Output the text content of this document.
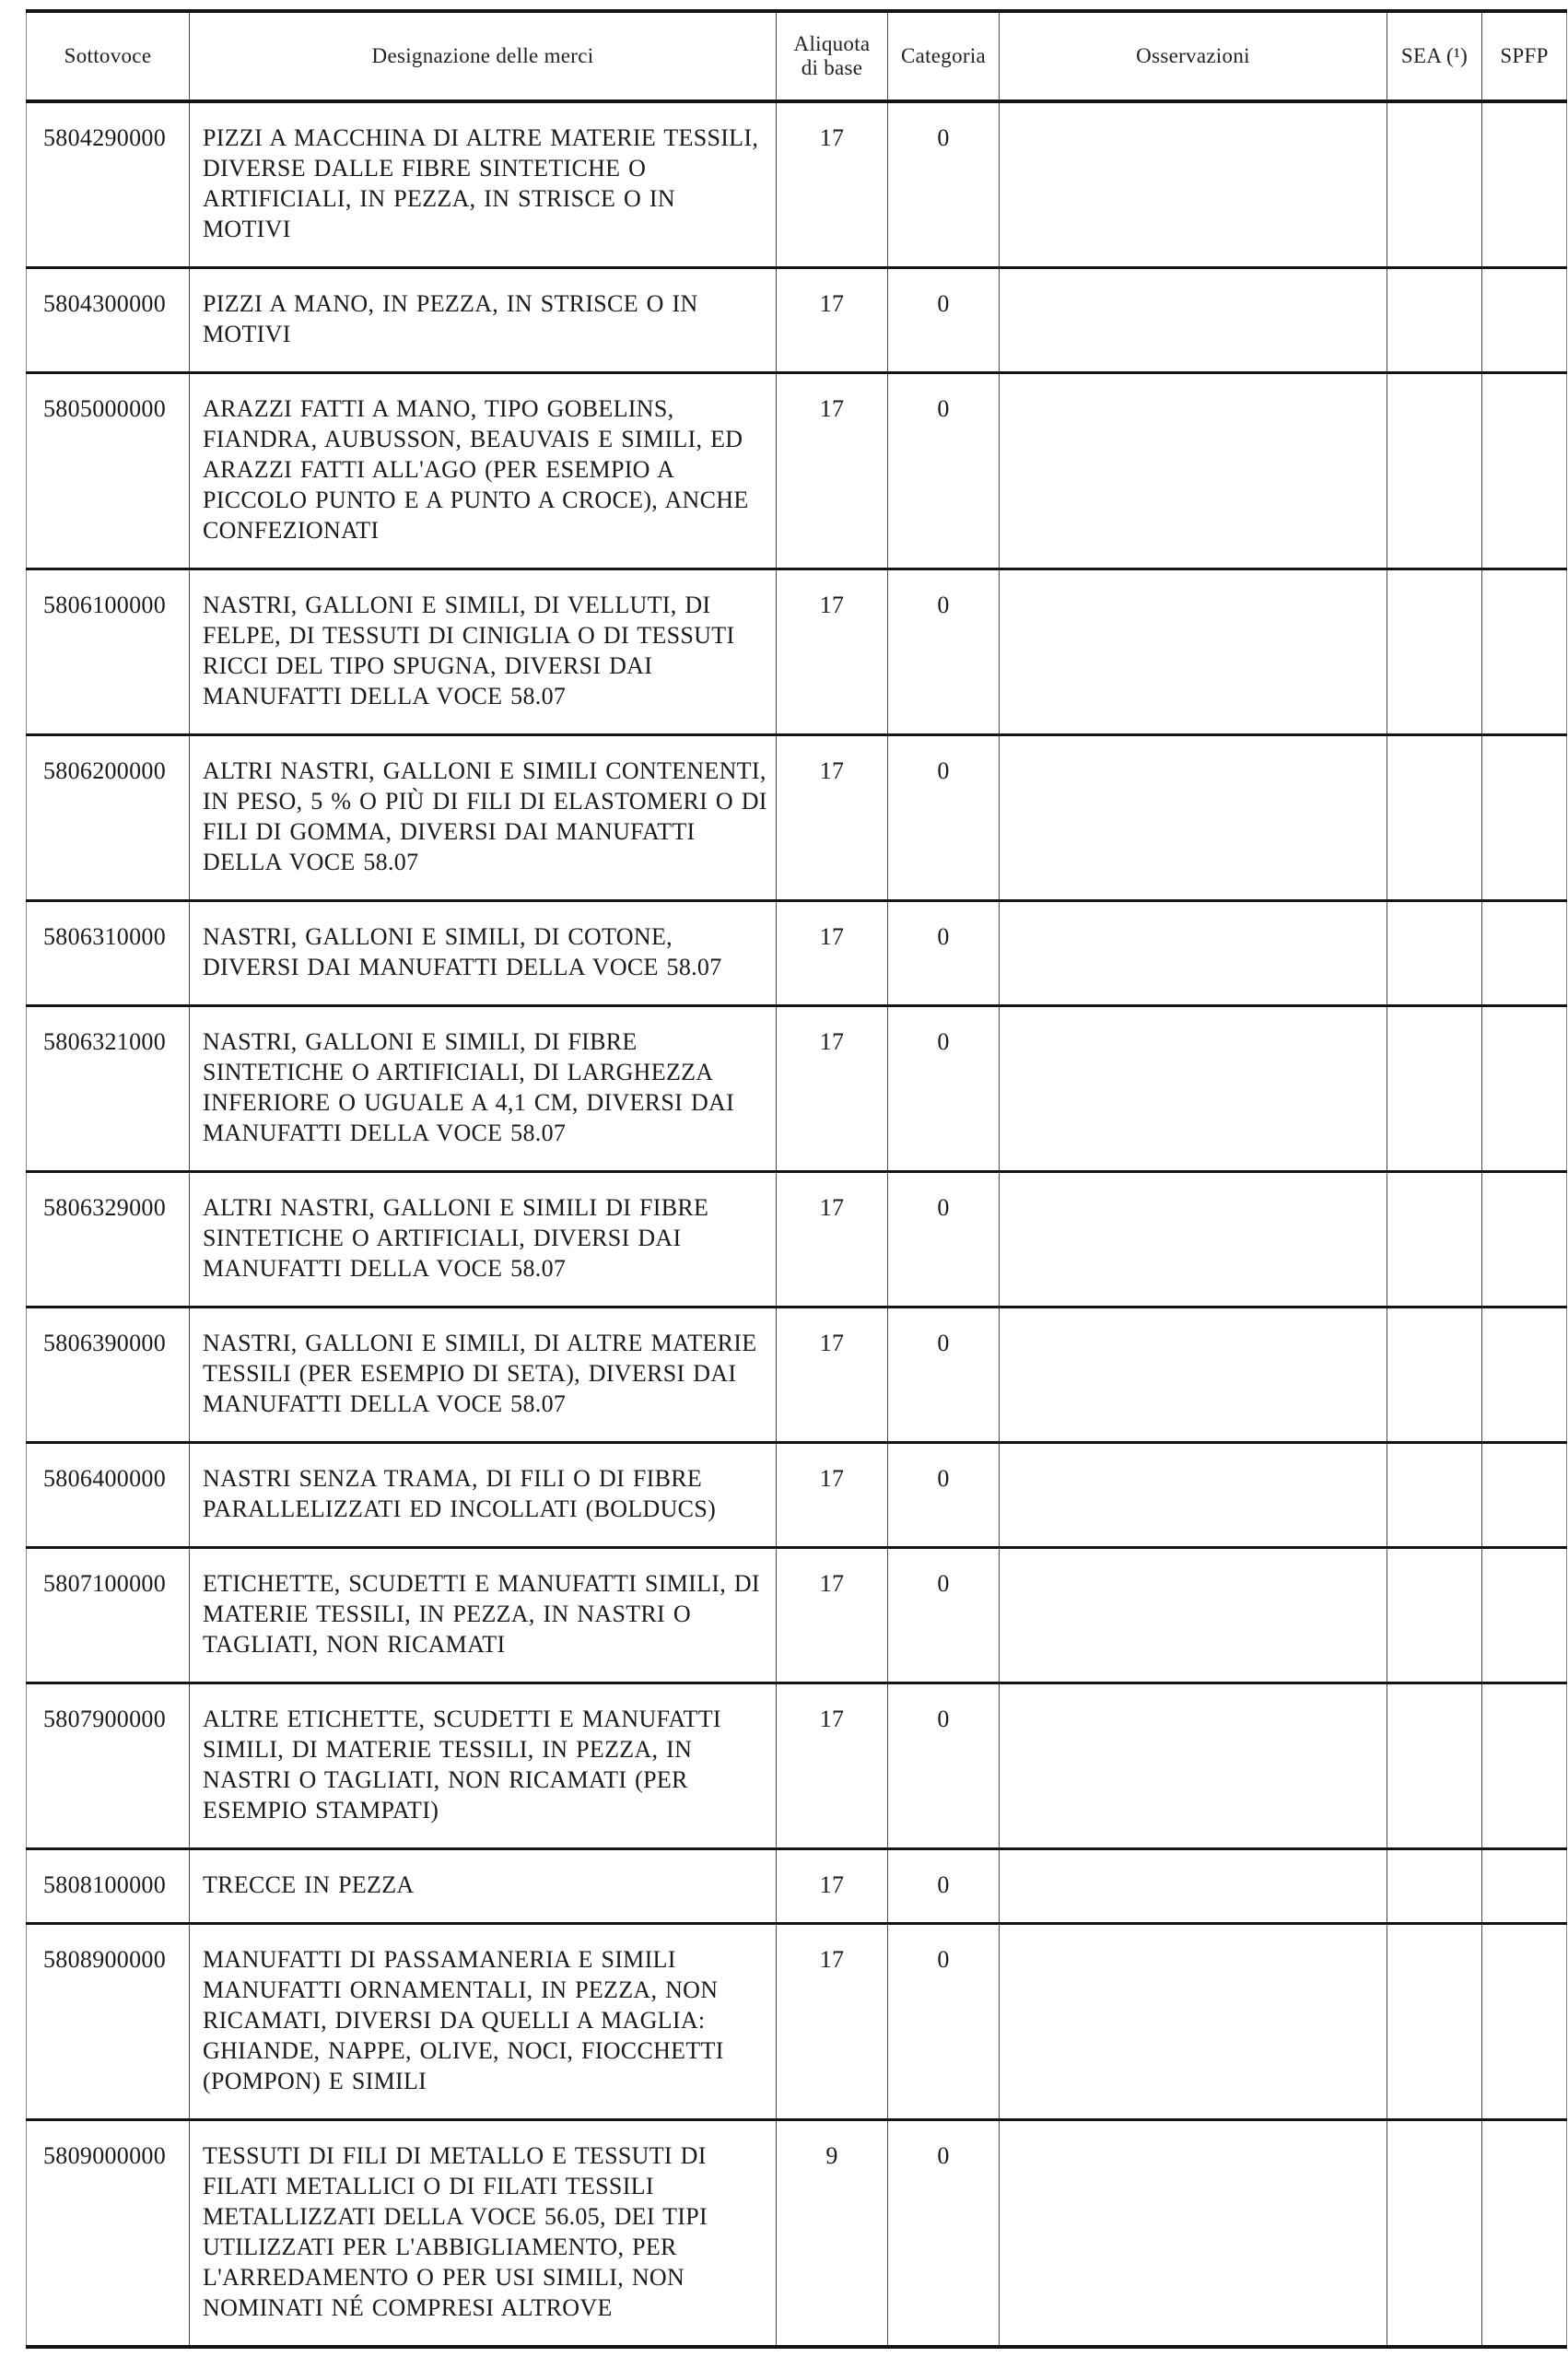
Sottovoce	Designazione delle merci	Aliquota di base	Categoria	Osservazioni	SEA (¹)	SPFP
5804290000	PIZZI A MACCHINA DI ALTRE MATERIE TESSILI, DIVERSE DALLE FIBRE SINTETICHE O ARTIFICIALI, IN PEZZA, IN STRISCE O IN MOTIVI	17	0			
5804300000	PIZZI A MANO, IN PEZZA, IN STRISCE O IN MOTIVI	17	0			
5805000000	ARAZZI FATTI A MANO, TIPO GOBELINS, FIANDRA, AUBUSSON, BEAUVAIS E SIMILI, ED ARAZZI FATTI ALL'AGO (PER ESEMPIO A PICCOLO PUNTO E A PUNTO A CROCE), ANCHE CONFEZIONATI	17	0			
5806100000	NASTRI, GALLONI E SIMILI, DI VELLUTI, DI FELPE, DI TESSUTI DI CINIGLIA O DI TESSUTI RICCI DEL TIPO SPUGNA, DIVERSI DAI MANUFATTI DELLA VOCE 58.07	17	0			
5806200000	ALTRI NASTRI, GALLONI E SIMILI CONTENENTI, IN PESO, 5 % O PIÙ DI FILI DI ELASTOMERI O DI FILI DI GOMMA, DIVERSI DAI MANUFATTI DELLA VOCE 58.07	17	0			
5806310000	NASTRI, GALLONI E SIMILI, DI COTONE, DIVERSI DAI MANUFATTI DELLA VOCE 58.07	17	0			
5806321000	NASTRI, GALLONI E SIMILI, DI FIBRE SINTETICHE O ARTIFICIALI, DI LARGHEZZA INFERIORE O UGUALE A 4,1 CM, DIVERSI DAI MANUFATTI DELLA VOCE 58.07	17	0			
5806329000	ALTRI NASTRI, GALLONI E SIMILI DI FIBRE SINTETICHE O ARTIFICIALI, DIVERSI DAI MANUFATTI DELLA VOCE 58.07	17	0			
5806390000	NASTRI, GALLONI E SIMILI, DI ALTRE MATERIE TESSILI (PER ESEMPIO DI SETA), DIVERSI DAI MANUFATTI DELLA VOCE 58.07	17	0			
5806400000	NASTRI SENZA TRAMA, DI FILI O DI FIBRE PARALLELIZZATI ED INCOLLATI (BOLDUCS)	17	0			
5807100000	ETICHETTE, SCUDETTI E MANUFATTI SIMILI, DI MATERIE TESSILI, IN PEZZA, IN NASTRI O TAGLIATI, NON RICAMATI	17	0			
5807900000	ALTRE ETICHETTE, SCUDETTI E MANUFATTI SIMILI, DI MATERIE TESSILI, IN PEZZA, IN NASTRI O TAGLIATI, NON RICAMATI (PER ESEMPIO STAMPATI)	17	0			
5808100000	TRECCE IN PEZZA	17	0			
5808900000	MANUFATTI DI PASSAMANERIA E SIMILI MANUFATTI ORNAMENTALI, IN PEZZA, NON RICAMATI, DIVERSI DA QUELLI A MAGLIA: GHIANDE, NAPPE, OLIVE, NOCI, FIOCCHETTI (POMPON) E SIMILI	17	0			
5809000000	TESSUTI DI FILI DI METALLO E TESSUTI DI FILATI METALLICI O DI FILATI TESSILI METALLIZZATI DELLA VOCE 56.05, DEI TIPI UTILIZZATI PER L'ABBIGLIAMENTO, PER L'ARREDAMENTO O PER USI SIMILI, NON NOMINATI NÉ COMPRESI ALTROVE	9	0			
